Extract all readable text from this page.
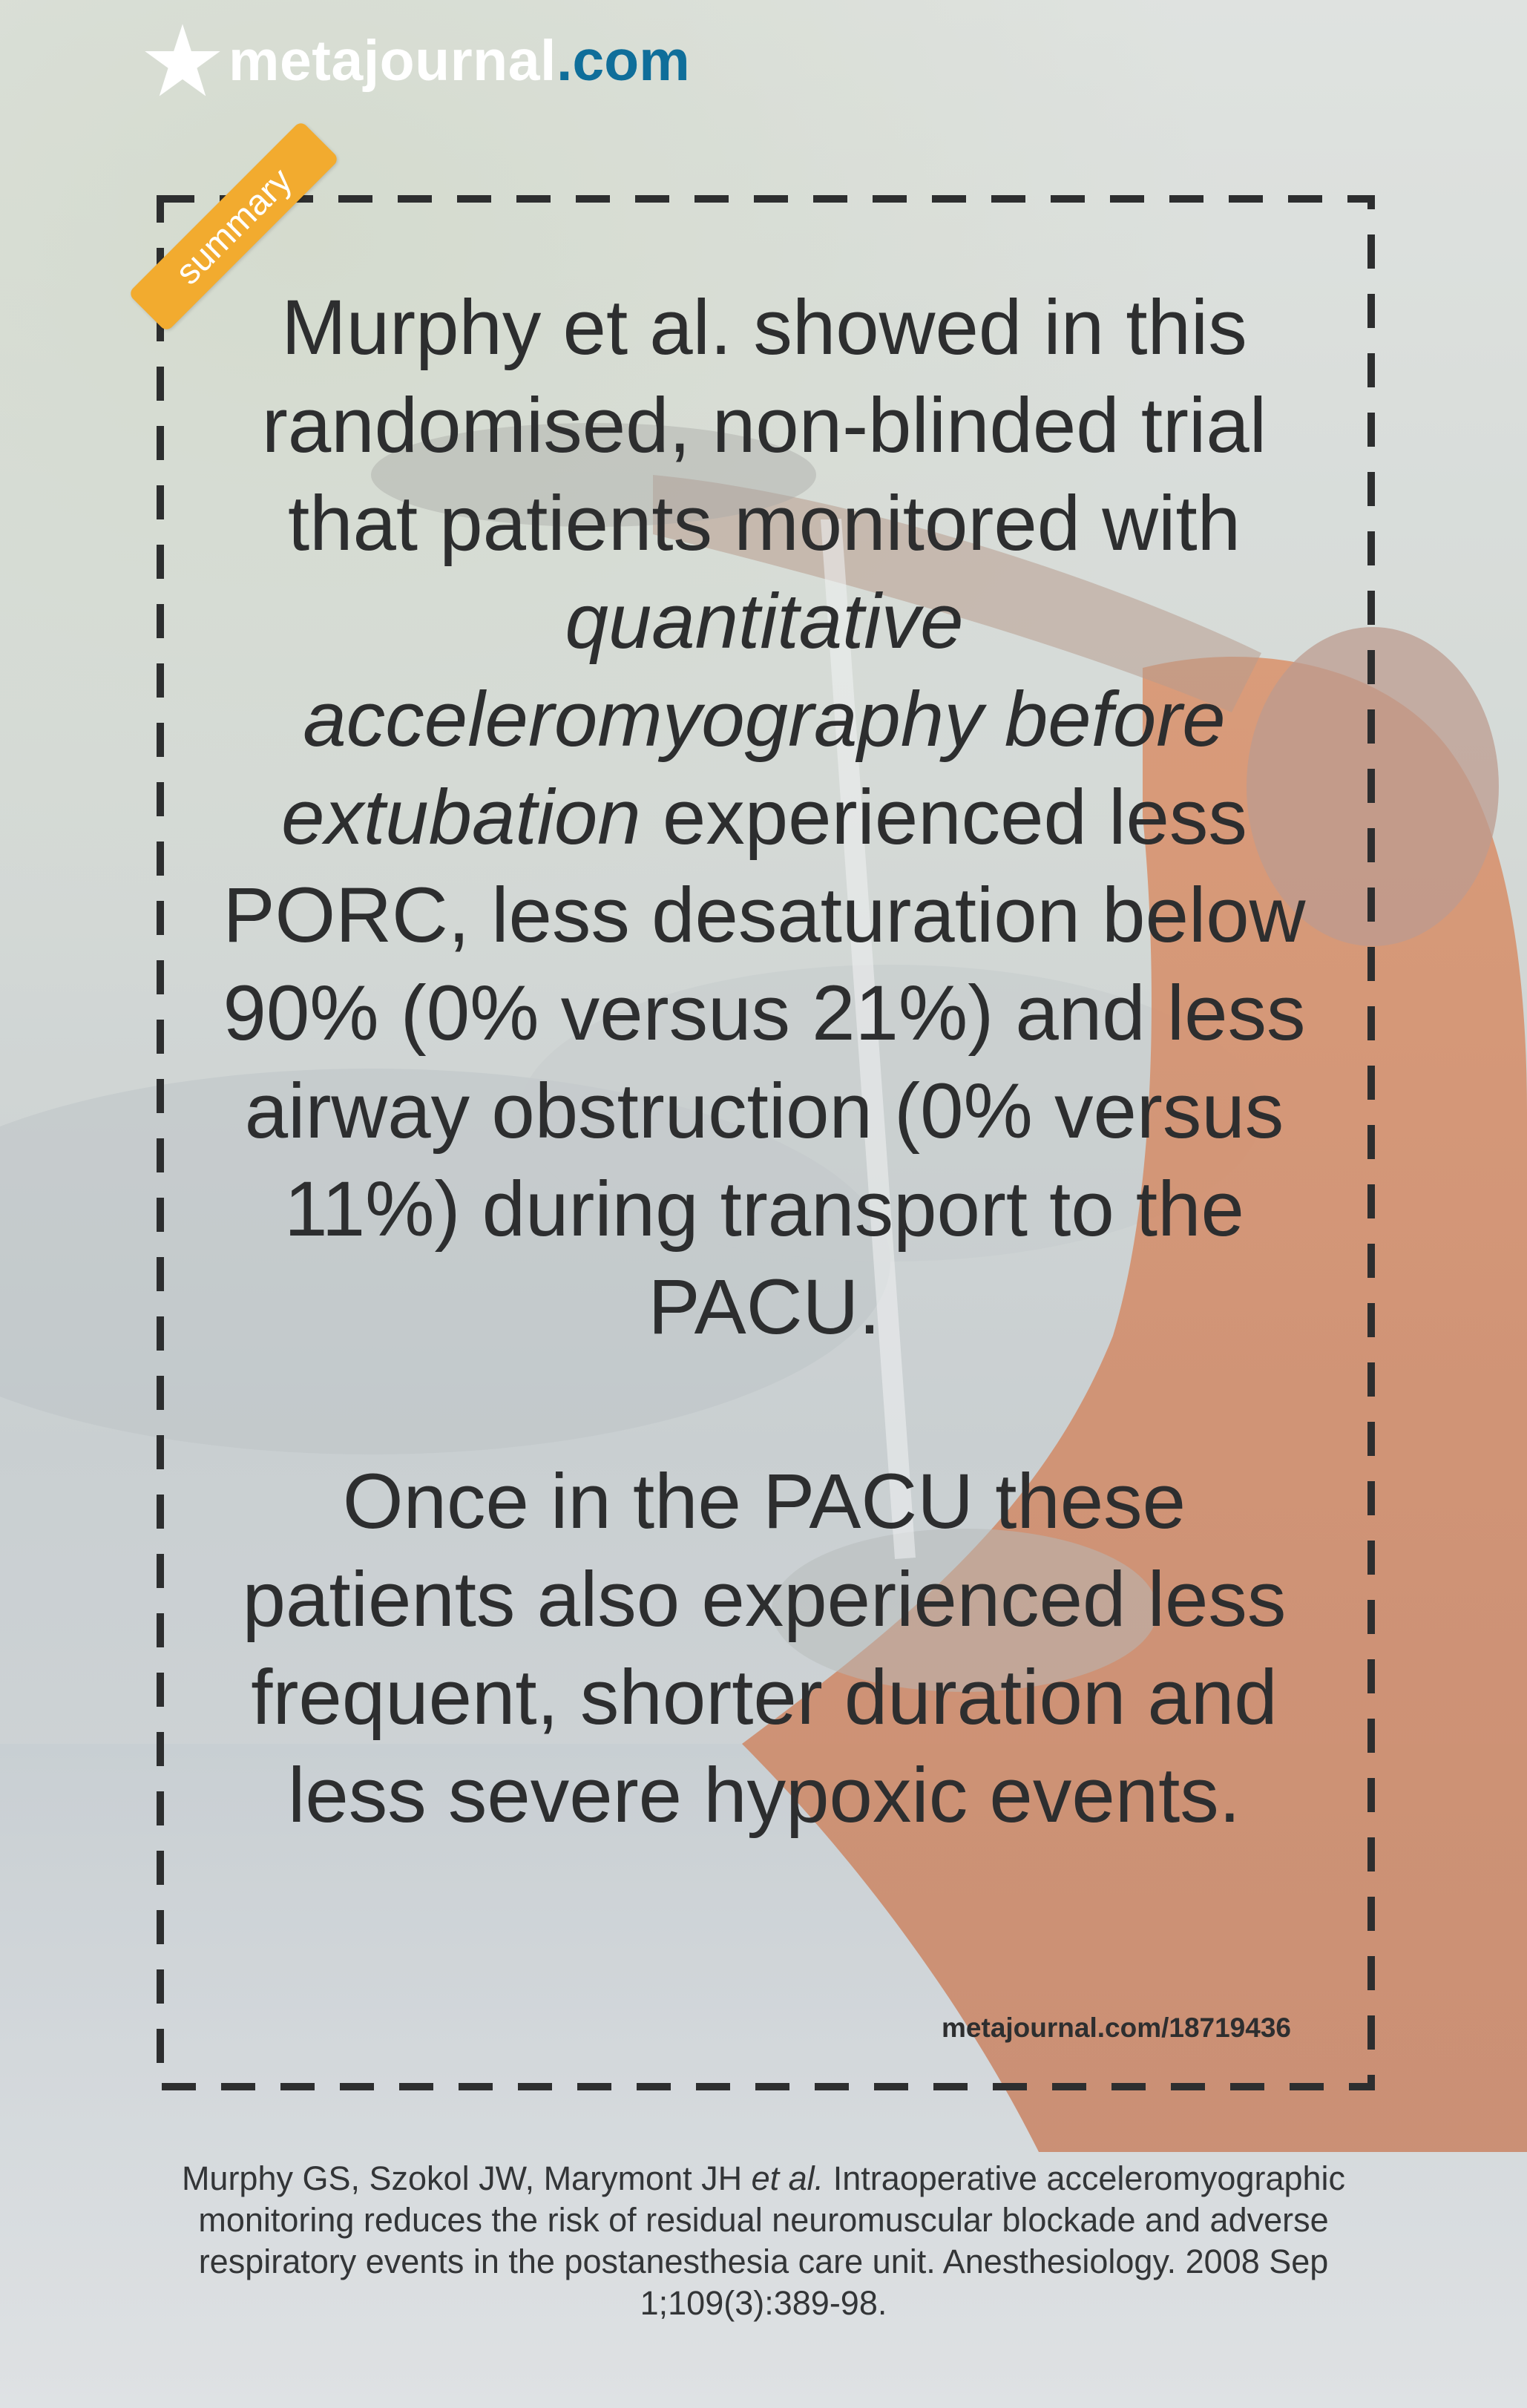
metajournal .com
summary

Murphy et al. showed in this randomised, non-blinded trial that patients monitored with quantitative acceleromyography before extubation experienced less PORC, less desaturation below 90% (0% versus 21%) and less airway obstruction (0% versus 11%) during transport to the PACU.

Once in the PACU these patients also experienced less frequent, shorter duration and less severe hypoxic events.

metajournal.com/18719436
Murphy GS, Szokol JW, Marymont JH et al. Intraoperative acceleromyographic monitoring reduces the risk of residual neuromuscular blockade and adverse respiratory events in the postanesthesia care unit. Anesthesiology. 2008 Sep 1;109(3):389-98.
